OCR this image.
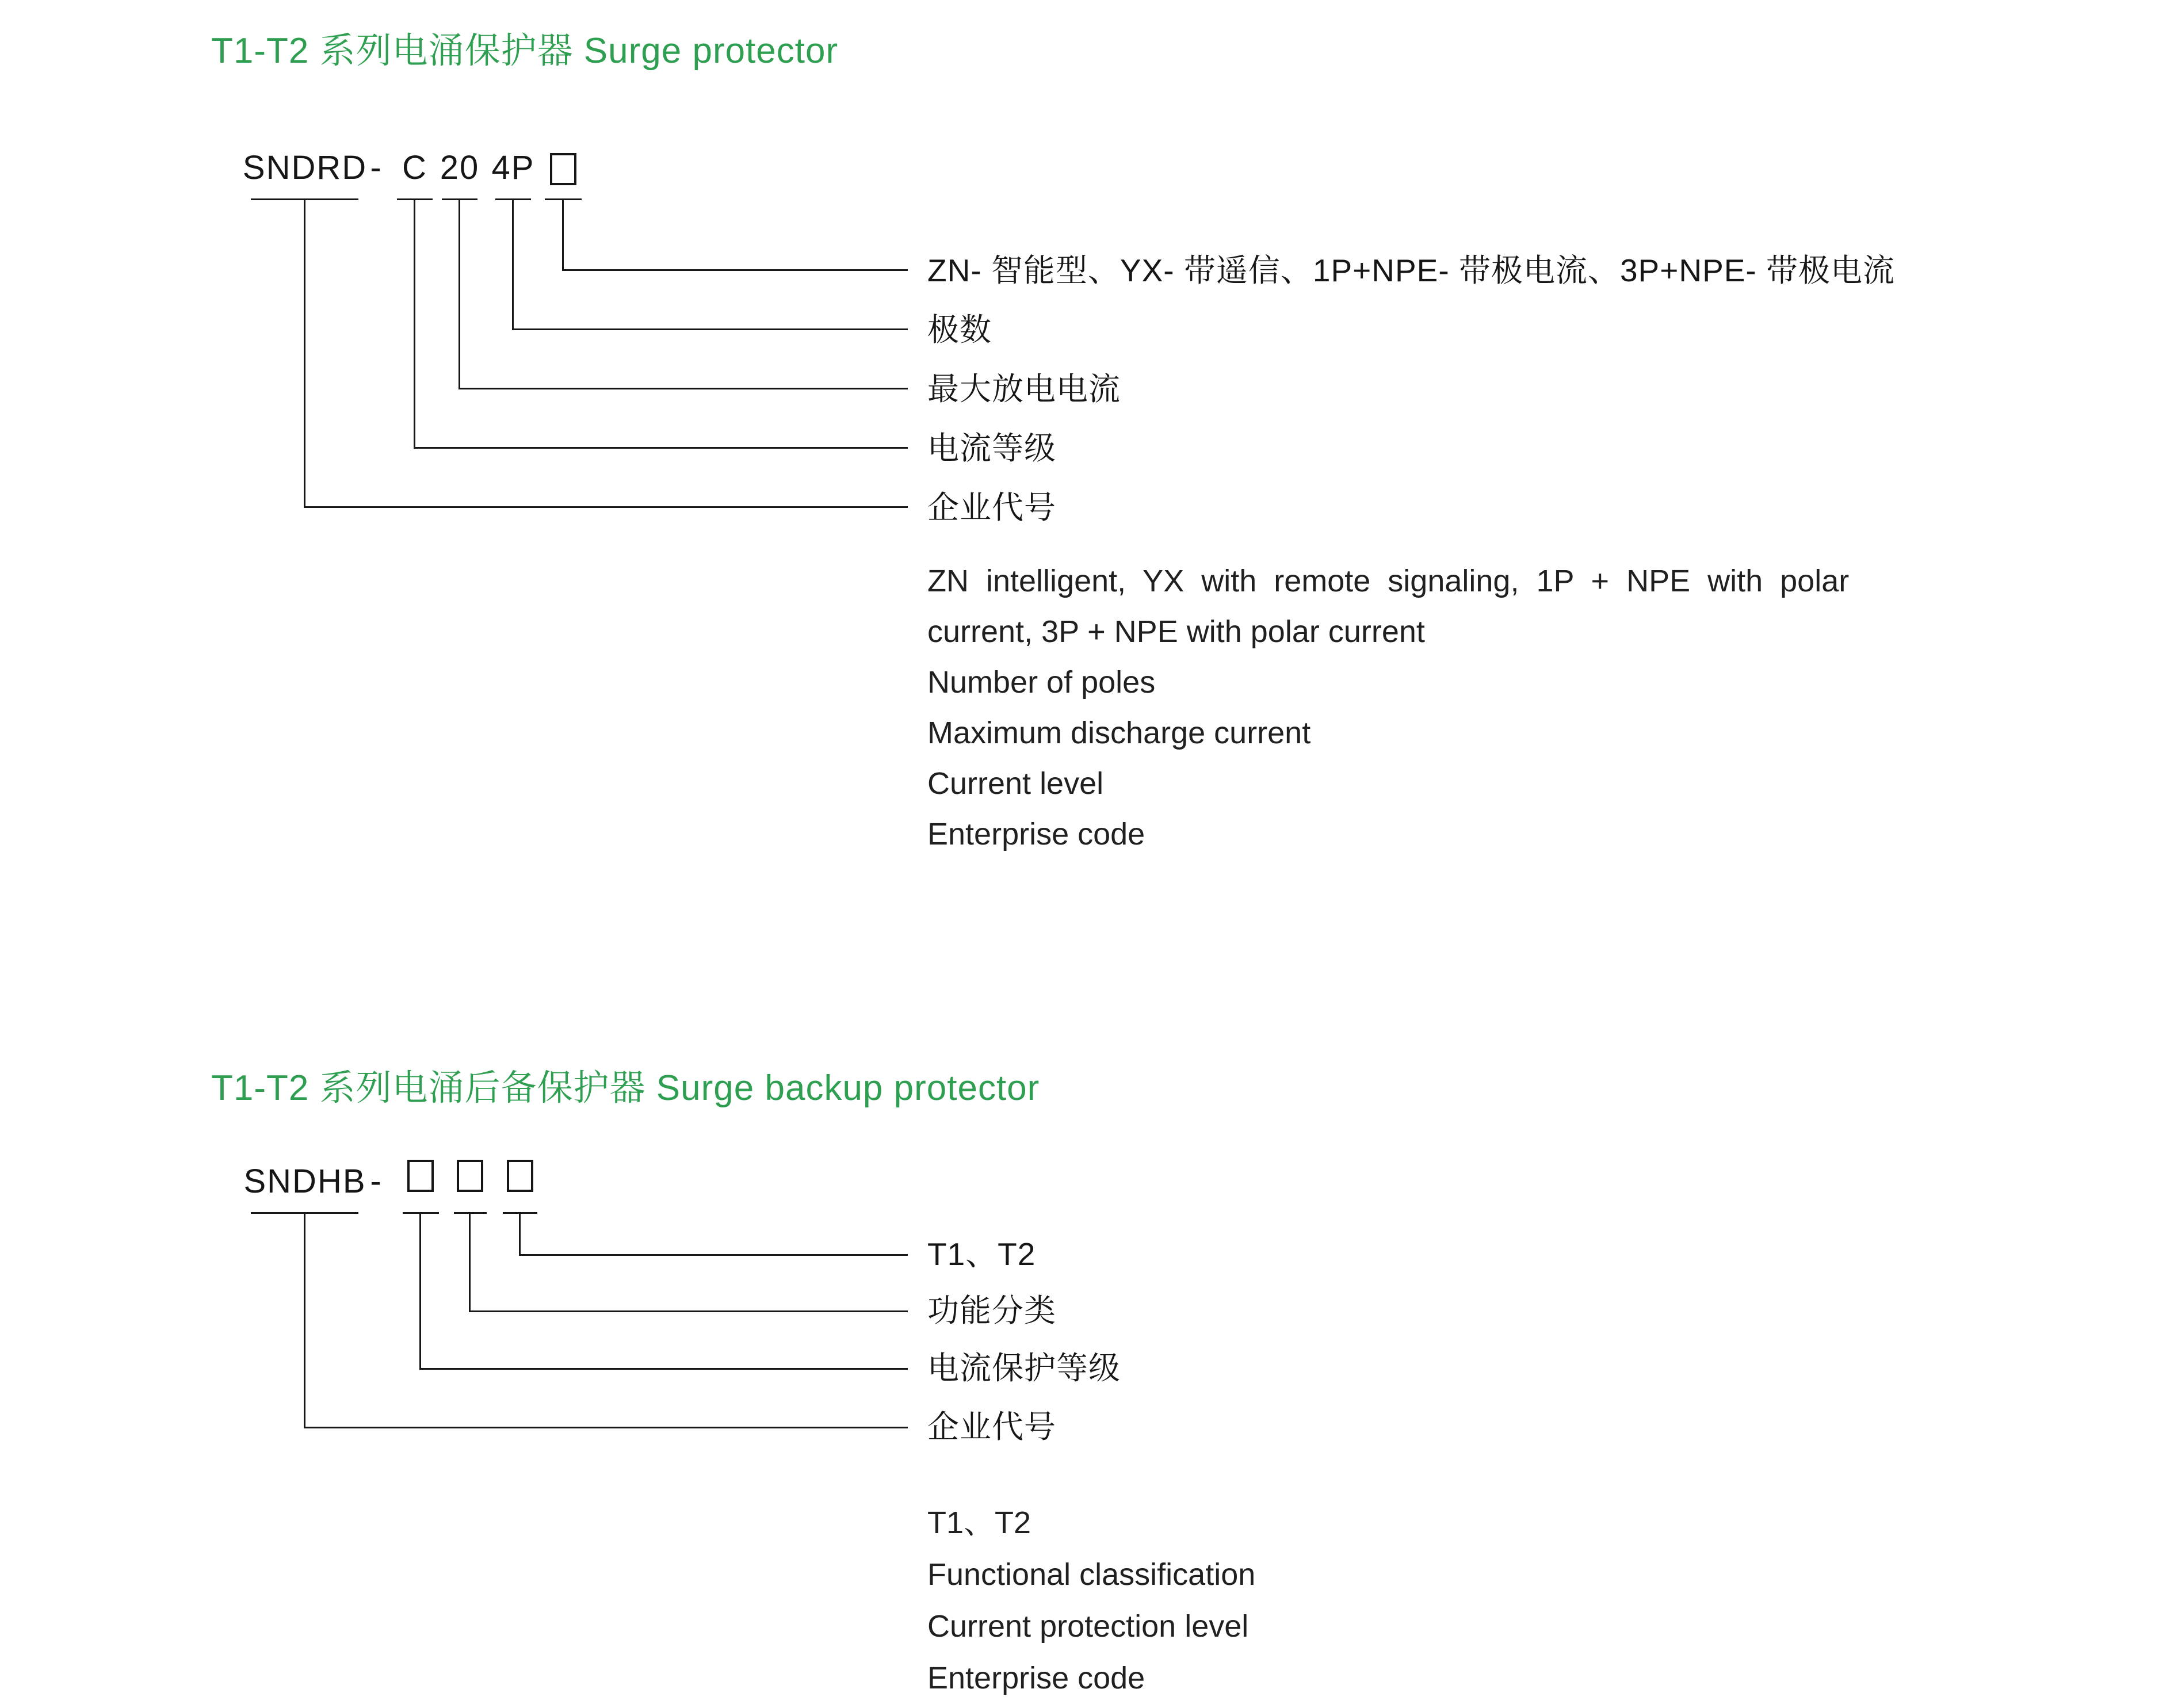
T1-T2 系列电涌保护器 Surge protector
SNDRD - C 20 4P
ZN- 智能型、YX- 带遥信、1P+NPE- 带极电流、3P+NPE- 带极电流
极数
最大放电电流
电流等级
企业代号
ZN intelligent, YX with remote signaling, 1P + NPE with polar
current, 3P + NPE with polar current
Number of poles
Maximum discharge current
Current level
Enterprise code
T1-T2 系列电涌后备保护器 Surge backup protector
SNDHB -
T1、T2
功能分类
电流保护等级
企业代号
T1、T2
Functional classification
Current protection level
Enterprise code
